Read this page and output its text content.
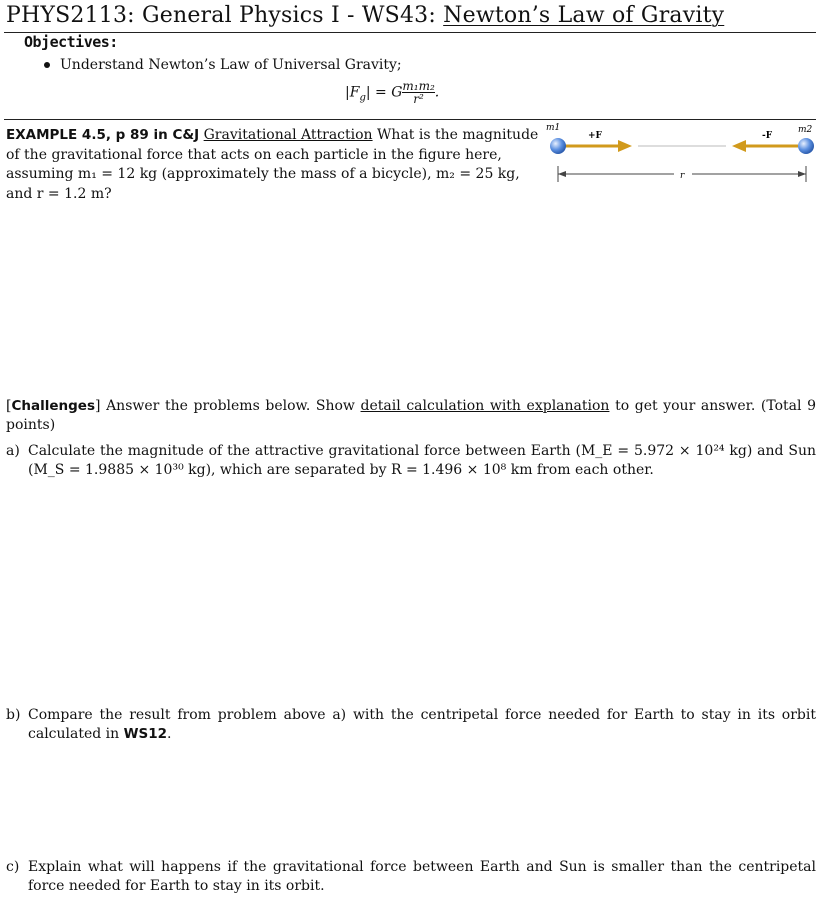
PHYS2113: General Physics I - WS43: Newton’s Law of Gravity
Objectives:
Understand Newton’s Law of Universal Gravity;
$|F_g| = G \frac{\text{m₁m₂}}{\text{r²}}$ .
EXAMPLE 4.5, p 89 in C&J Gravitational Attraction What is the magnitude of the gravitational force that acts on each particle in the figure here, assuming m₁ = 12 kg (approximately the mass of a bicycle), m₂ = 25 kg, and r = 1.2 m?
m1	m2
+F	-F
r
[Challenges] Answer the problems below. Show detail calculation with explanation to get your answer. (Total 9 points)
a) Calculate the magnitude of the attractive gravitational force between Earth (M_E = 5.972 × 10²⁴ kg) and Sun (M_S = 1.9885 × 10³⁰ kg), which are separated by R = 1.496 × 10⁸ km from each other.
b) Compare the result from problem above a) with the centripetal force needed for Earth to stay in its orbit calculated in WS12.
c) Explain what will happens if the gravitational force between Earth and Sun is smaller than the centripetal force needed for Earth to stay in its orbit.
